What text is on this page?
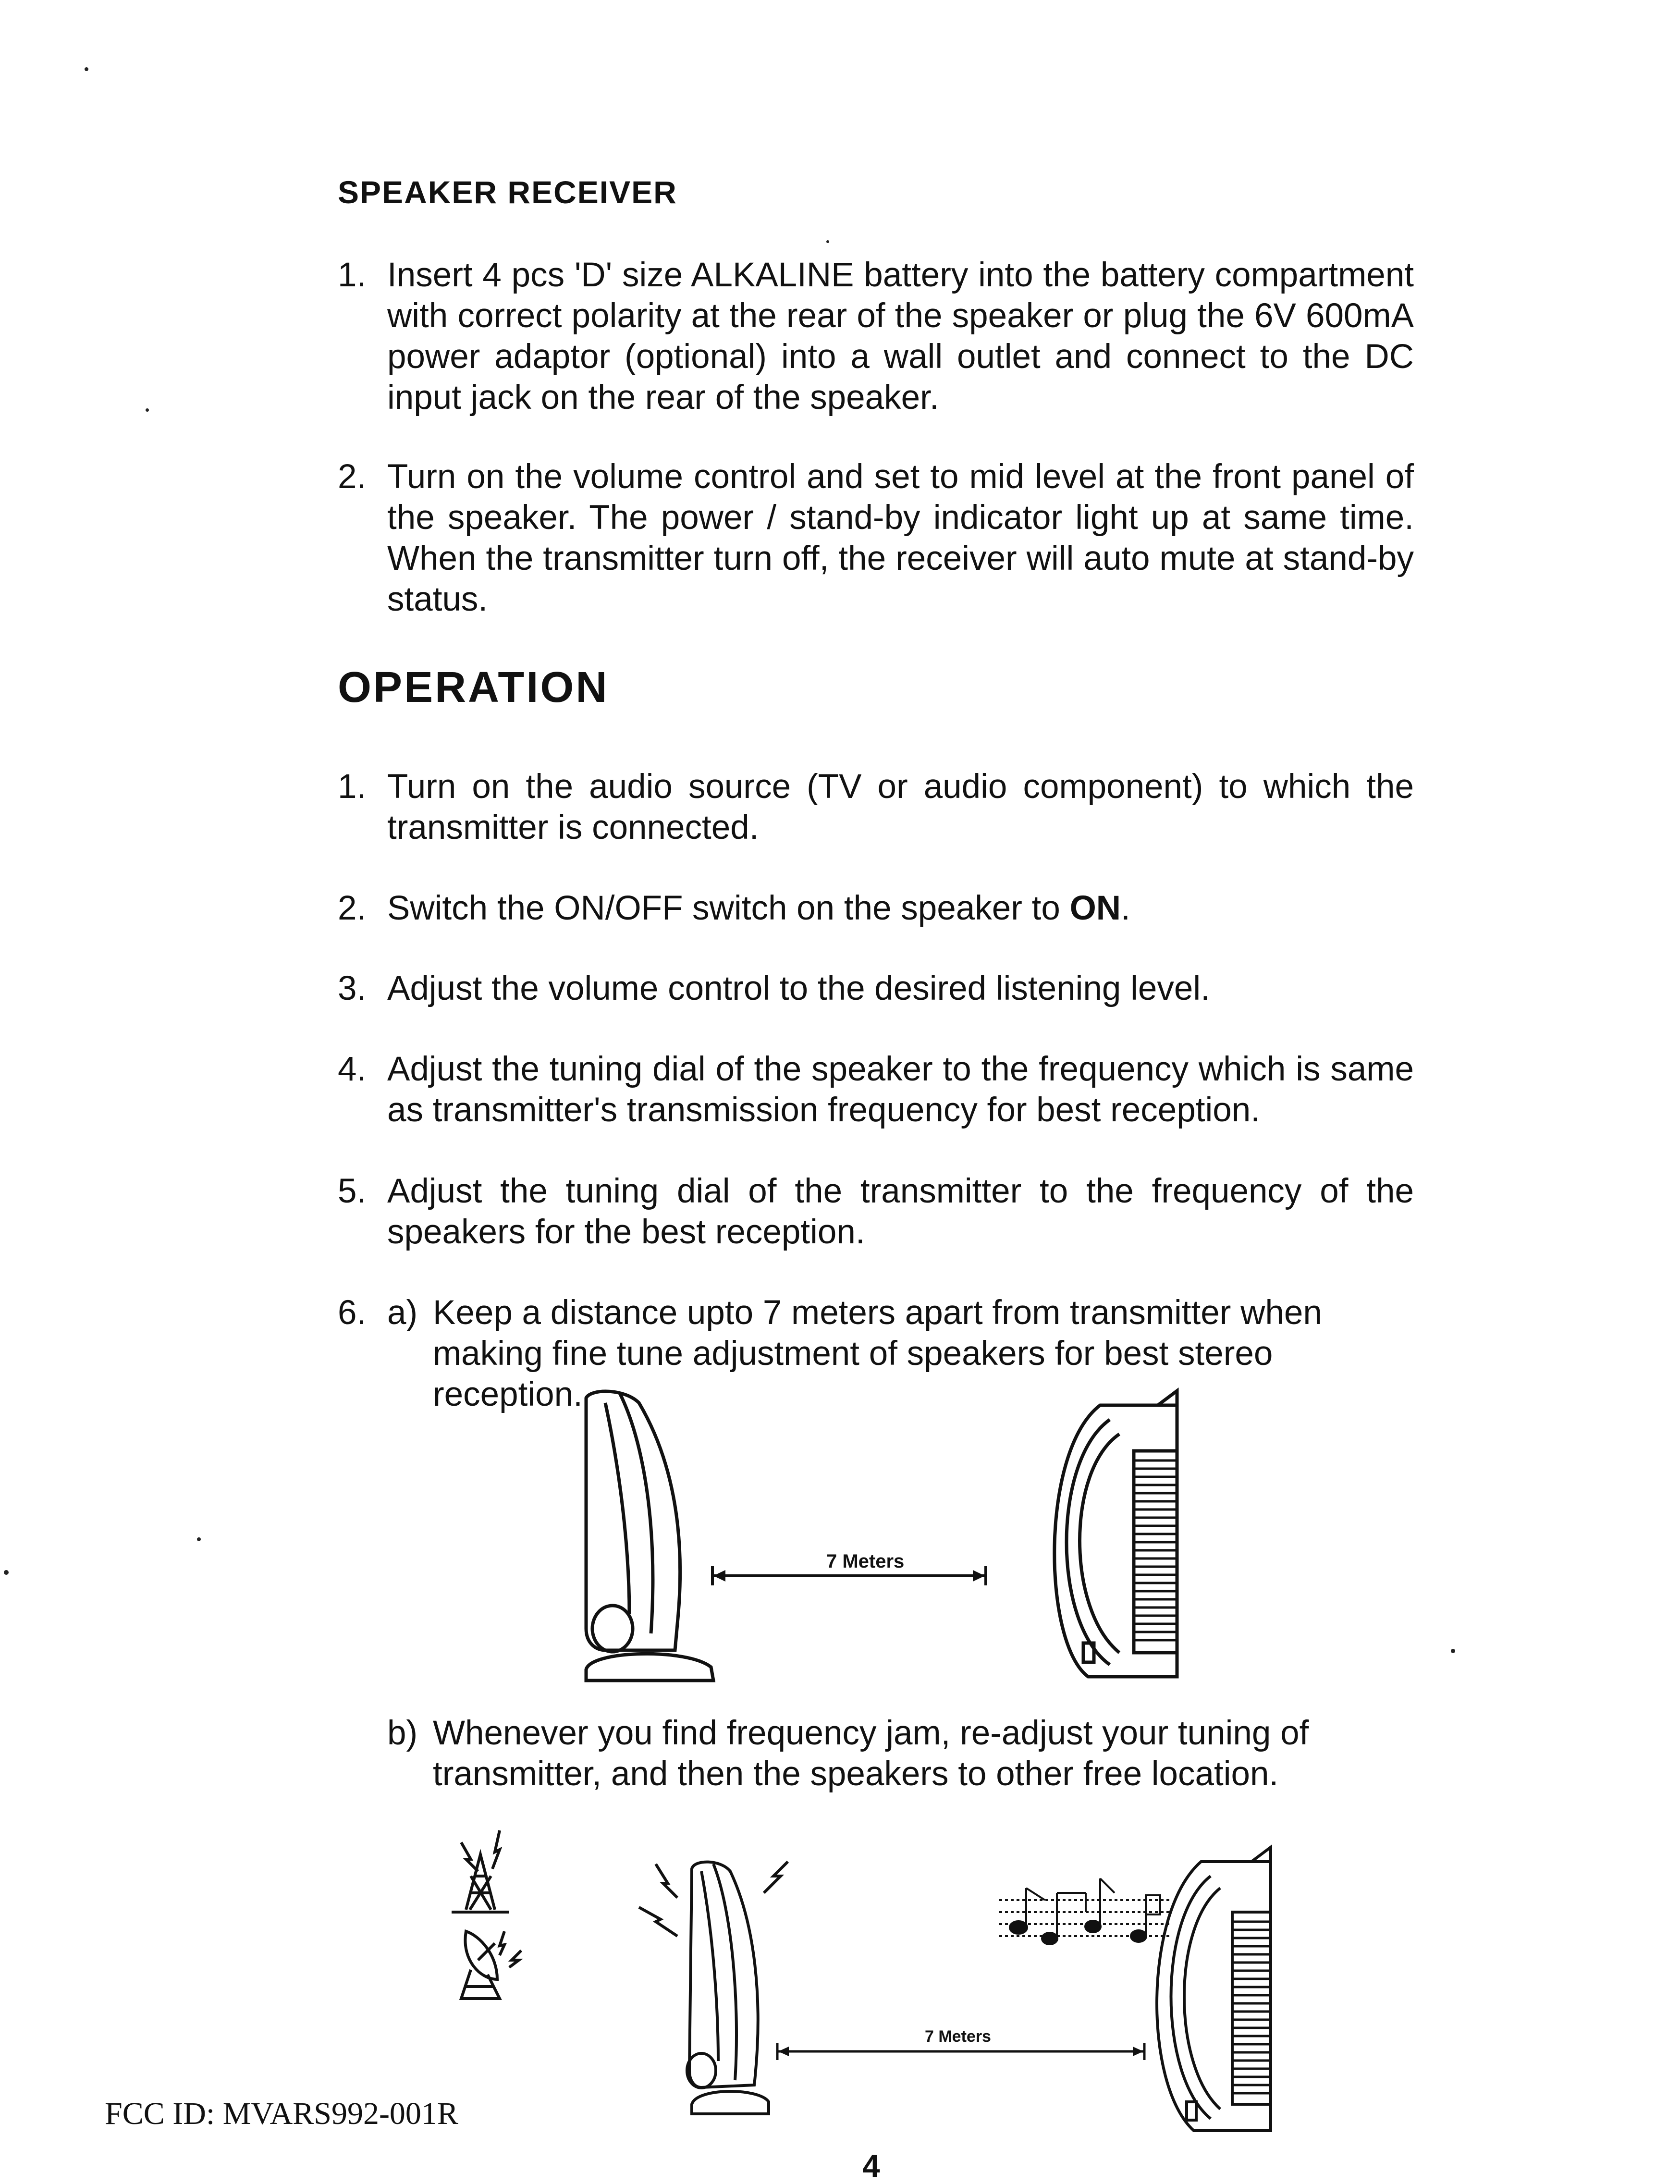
SPEAKER RECEIVER
1. Insert 4 pcs 'D' size ALKALINE battery into the battery compartment with correct polarity at the rear of the speaker or plug the 6V 600mA power adaptor (optional) into a wall outlet and connect to the DC input jack on the rear of the speaker.
2. Turn on the volume control and set to mid level at the front panel of the speaker. The power / stand-by indicator light up at same time. When the transmitter turn off, the receiver will auto mute at stand-by status.
OPERATION
1. Turn on the audio source (TV or audio component) to which the transmitter is connected.
2. Switch the ON/OFF switch on the speaker to ON.
3. Adjust the volume control to the desired listening level.
4. Adjust the tuning dial of the speaker to the frequency which is same as transmitter's transmission frequency for best reception.
5. Adjust the tuning dial of the transmitter to the frequency of the speakers for the best reception.
6. a) Keep a distance upto 7 meters apart from transmitter when making fine tune adjustment of speakers for best stereo reception.
7 Meters
b) Whenever you find frequency jam, re-adjust your tuning of transmitter, and then the speakers to other free location.
7 Meters
FCC ID: MVARS992-001R
4
